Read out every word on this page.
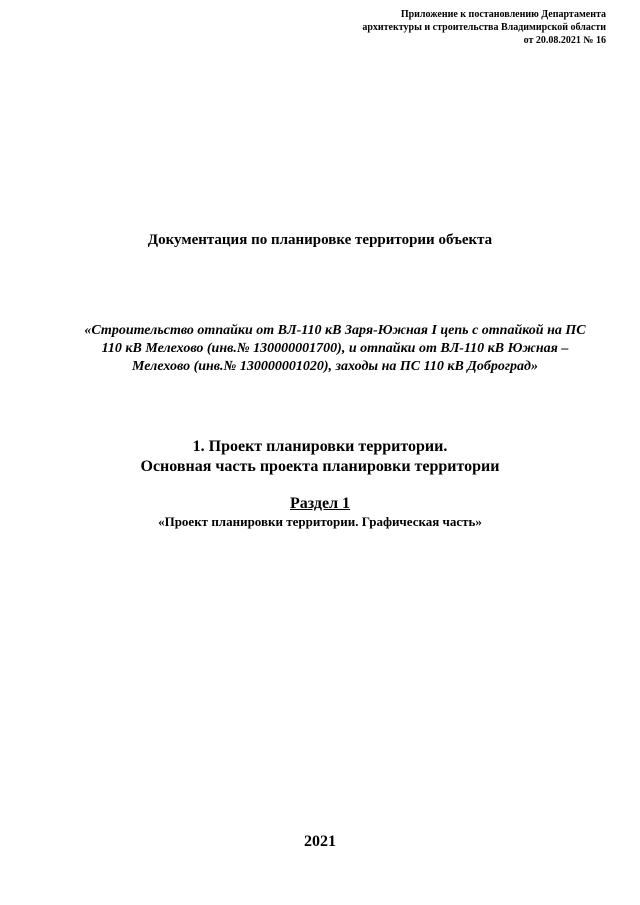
Приложение к постановлению Департамента
архитектуры и строительства Владимирской области
от 20.08.2021 № 16
Документация по планировке территории объекта
«Строительство отпайки от ВЛ-110 кВ Заря-Южная I цепь с отпайкой на ПС
110 кВ Мелехово (инв.№ 130000001700), и отпайки от ВЛ-110 кВ Южная –
Мелехово (инв.№ 130000001020), заходы на ПС 110 кВ Доброград»
1. Проект планировки территории.
Основная часть проекта планировки территории
Раздел 1
«Проект планировки территории. Графическая часть»
2021
